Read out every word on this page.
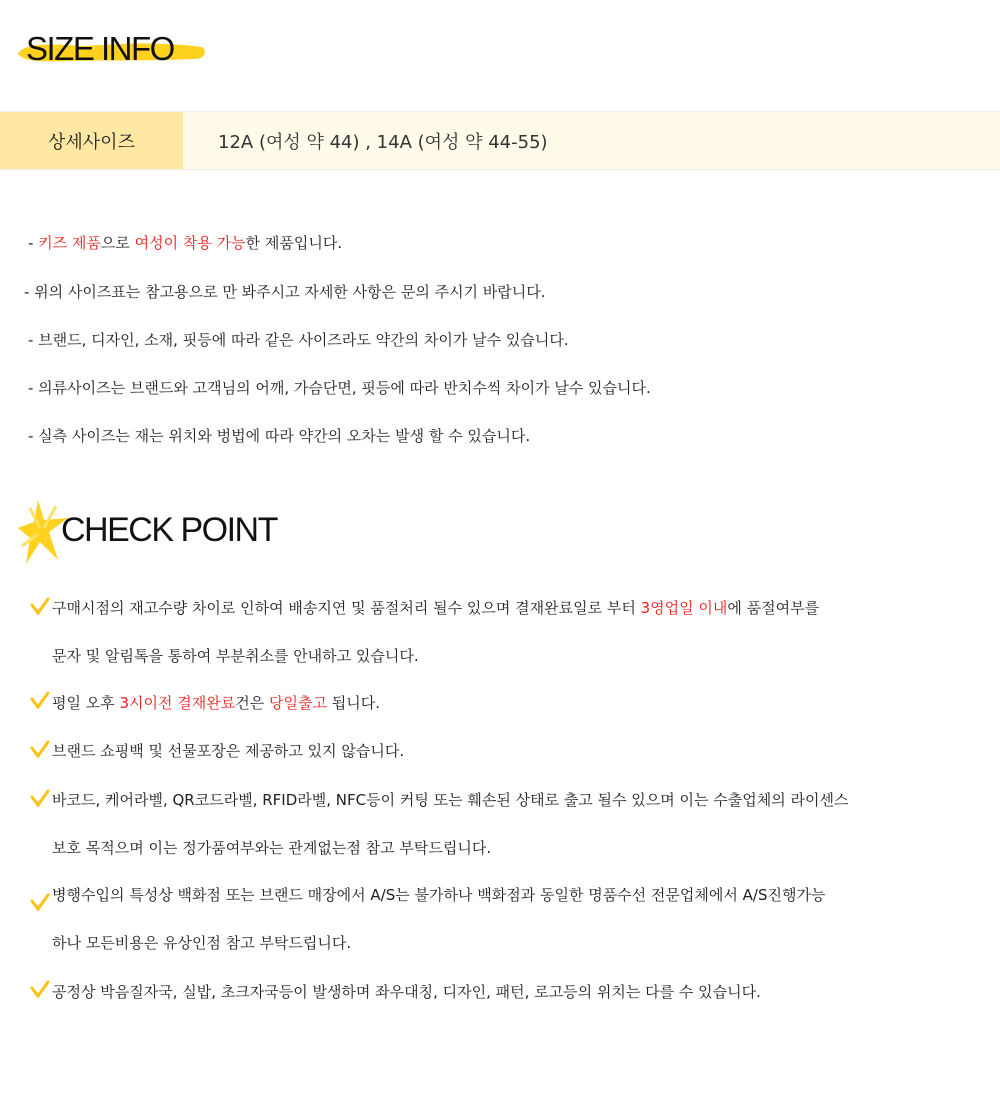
SIZE INFO
상세사이즈	12A (여성 약 44) , 14A (여성 약 44-55)
- 키즈 제품으로 여성이 착용 가능한 제품입니다.
- 위의 사이즈표는 참고용으로 만 봐주시고 자세한 사항은 문의 주시기 바랍니다.
- 브랜드, 디자인, 소재, 핏등에 따라 같은 사이즈라도 약간의 차이가 날수 있습니다.
- 의류사이즈는 브랜드와 고객님의 어깨, 가슴단면, 핏등에 따라 반치수씩 차이가 날수 있습니다.
- 실측 사이즈는 재는 위치와 벙법에 따라 약간의 오차는 발생 할 수 있습니다.
CHECK POINT
구매시점의 재고수량 차이로 인하여 배송지연 및 품절처리 될수 있으며 결재완료일로 부터 3영업일 이내에 품절여부를
문자 및 알림톡을 통하여 부분취소를 안내하고 있습니다.
평일 오후 3시이전 결재완료건은 당일출고 됩니다.
브랜드 쇼핑백 및 선물포장은 제공하고 있지 않습니다.
바코드, 케어라벨, QR코드라벨, RFID라벨, NFC등이 커팅 또는 훼손된 상태로 출고 될수 있으며 이는 수출업체의 라이센스
보호 목적으며 이는 정가품여부와는 관계없는점 참고 부탁드립니다.
병행수입의 특성상 백화점 또는 브랜드 매장에서 A/S는 불가하나 백화점과 동일한 명품수선 전문업체에서 A/S진행가능
하나 모든비용은 유상인점 참고 부탁드립니다.
공정상 박음질자국, 실밥, 초크자국등이 발생하며 좌우대칭, 디자인, 패턴, 로고등의 위치는 다를 수 있습니다.
